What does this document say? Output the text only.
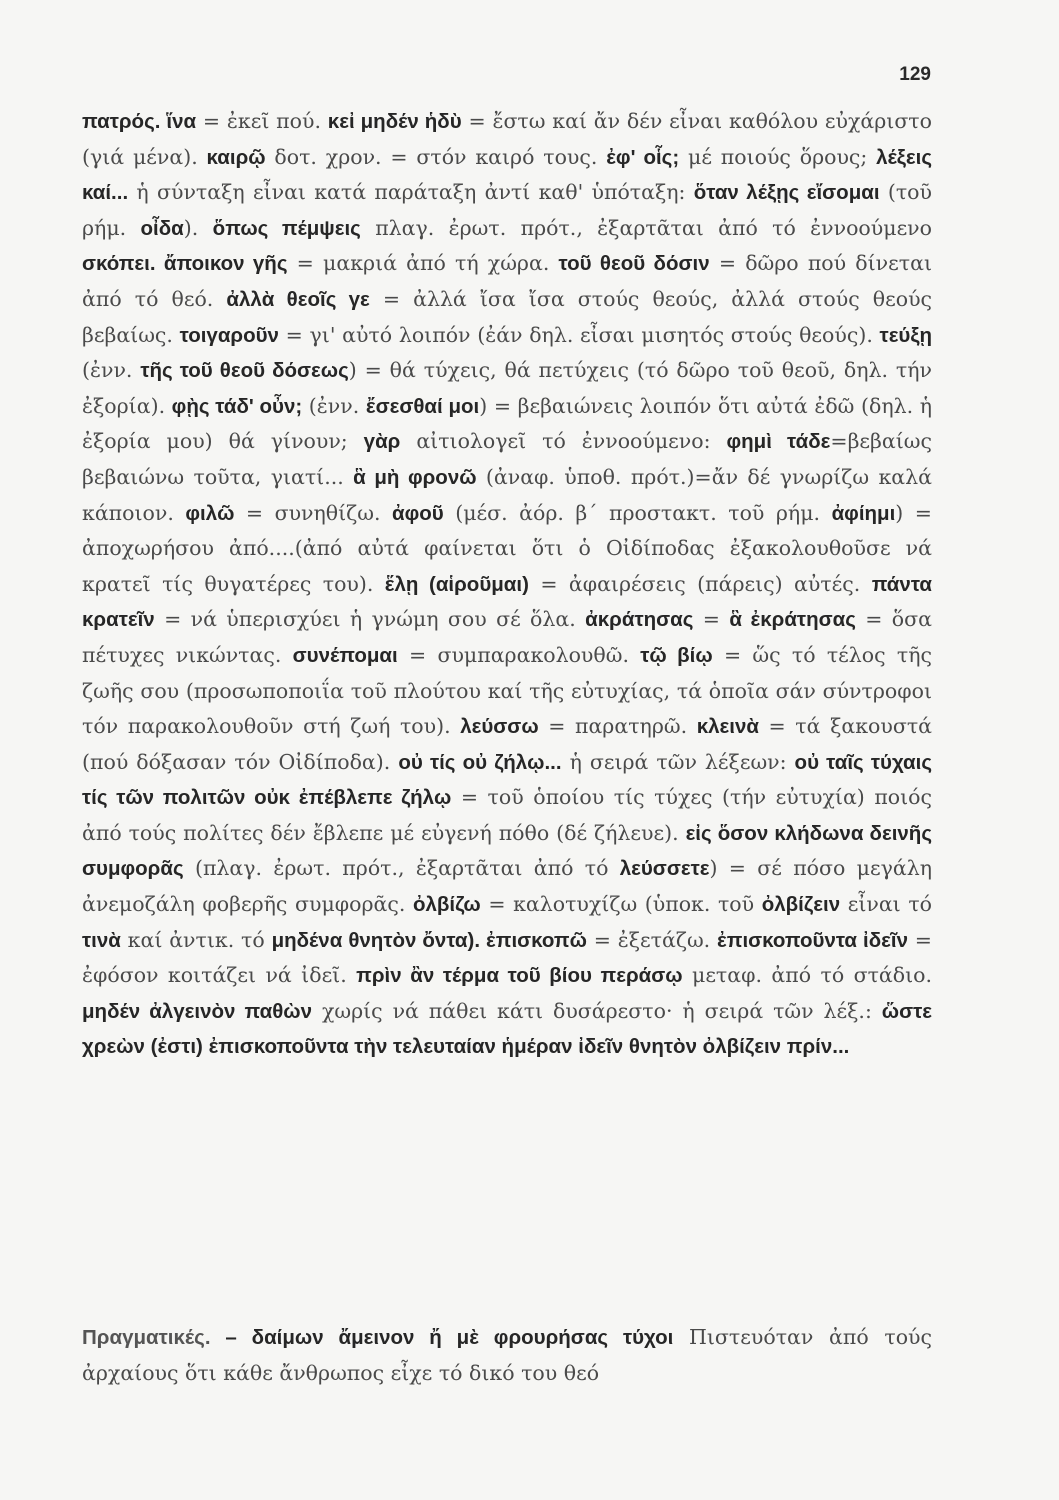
129

πατρός. ἵνα = ἐκεῖ πού. κεἰ μηδέν ἡδὺ = ἔστω καί ἄν δέν εἶναι καθόλου εὐχάριστο (γιά μένα). καιρῷ δοτ. χρον. = στόν καιρό τους. ἐφ' οἷς; μέ ποιούς ὅρους; λέξεις καί... ἡ σύνταξη εἶναι κατά παράταξη ἀντί καθ' ὑπόταξη: ὅταν λέξῃς εἴσομαι (τοῦ ρήμ. οἶδα). ὅπως πέμψεις πλαγ. ἐρωτ. πρότ., ἐξαρτᾶται ἀπό τό ἐννοούμενο σκόπει. ἄποικον γῆς = μακριά ἀπό τή χώρα. τοῦ θεοῦ δόσιν = δῶρο πού δίνεται ἀπό τό θεό. ἀλλὰ θεοῖς γε = ἀλλά ἴσα ἴσα στούς θεούς, ἀλλά στούς θεούς βεβαίως. τοιγαροῦν = γι' αὐτό λοιπόν (ἐάν δηλ. εἶσαι μισητός στούς θεούς). τεύξῃ (ἐνν. τῆς τοῦ θεοῦ δόσεως) = θά τύχεις, θά πετύχεις (τό δῶρο τοῦ θεοῦ, δηλ. τήν ἐξορία). φῂς τάδ' οὖν; (ἐνν. ἔσεσθαί μοι) = βεβαιώνεις λοιπόν ὅτι αὐτά ἐδῶ (δηλ. ἡ ἐξορία μου) θά γίνουν; γὰρ αἰτιολογεῖ τό ἐννοούμενο: φημὶ τάδε=βεβαίως βεβαιώνω τοῦτα, γιατί... ἃ μὴ φρονῶ (ἀναφ. ὑποθ. πρότ.)=ἄν δέ γνωρίζω καλά κάποιον. φιλῶ = συνηθίζω. ἀφοῦ (μέσ. ἀόρ. β΄ προστακτ. τοῦ ρήμ. ἀφίημι) = ἀποχωρήσου ἀπό....(ἀπό αὐτά φαίνεται ὅτι ὁ Οἰδίποδας ἐξακολουθοῦσε νά κρατεῖ τίς θυγατέρες του). ἕλῃ (αἱροῦμαι) = ἀφαιρέσεις (πάρεις) αὐτές. πάντα κρατεῖν = νά ὑπερισχύει ἡ γνώμη σου σέ ὅλα. ἀκράτησας = ἃ ἐκράτησας = ὅσα πέτυχες νικώντας. συνέπομαι = συμπαρακολουθῶ. τῷ βίῳ = ὥς τό τέλος τῆς ζωῆς σου (προσωποποιΐα τοῦ πλούτου καί τῆς εὐτυχίας, τά ὁποῖα σάν σύντροφοι τόν παρακολουθοῦν στή ζωή του). λεύσσω = παρατηρῶ. κλεινὰ = τά ξακουστά (πού δόξασαν τόν Οἰδίποδα). οὐ τίς οὐ ζήλῳ... ἡ σειρά τῶν λέξεων: οὐ ταῖς τύχαις τίς τῶν πολιτῶν οὐκ ἐπέβλεπε ζήλῳ = τοῦ ὁποίου τίς τύχες (τήν εὐτυχία) ποιός ἀπό τούς πολίτες δέν ἔβλεπε μέ εὐγενή πόθο (δέ ζήλευε). εἰς ὅσον κλήδωνα δεινῆς συμφορᾶς (πλαγ. ἐρωτ. πρότ., ἐξαρτᾶται ἀπό τό λεύσσετε) = σέ πόσο μεγάλη ἀνεμοζάλη φοβερῆς συμφορᾶς. ὀλβίζω = καλοτυχίζω (ὑποκ. τοῦ ὀλβίζειν εἶναι τό τινὰ καί ἀντικ. τό μηδένα θνητὸν ὄντα). ἐπισκοπῶ = ἐξετάζω. ἐπισκοποῦντα ἰδεῖν = ἐφόσον κοιτάζει νά ἰδεῖ. πρὶν ἂν τέρμα τοῦ βίου περάσῳ μεταφ. ἀπό τό στάδιο. μηδέν ἀλγεινὸν παθὼν χωρίς νά πάθει κάτι δυσάρεστο· ἡ σειρά τῶν λέξ.: ὥστε χρεὼν (ἐστι) ἐπισκοποῦντα τὴν τελευταίαν ἡμέραν ἰδεῖν θνητὸν ὀλβίζειν πρίν...

Πραγματικές. – δαίμων ἄμεινον ἤ μὲ φρουρήσας τύχοι Πιστευόταν ἀπό τούς ἀρχαίους ὅτι κάθε ἄνθρωπος εἶχε τό δικό του θεό
